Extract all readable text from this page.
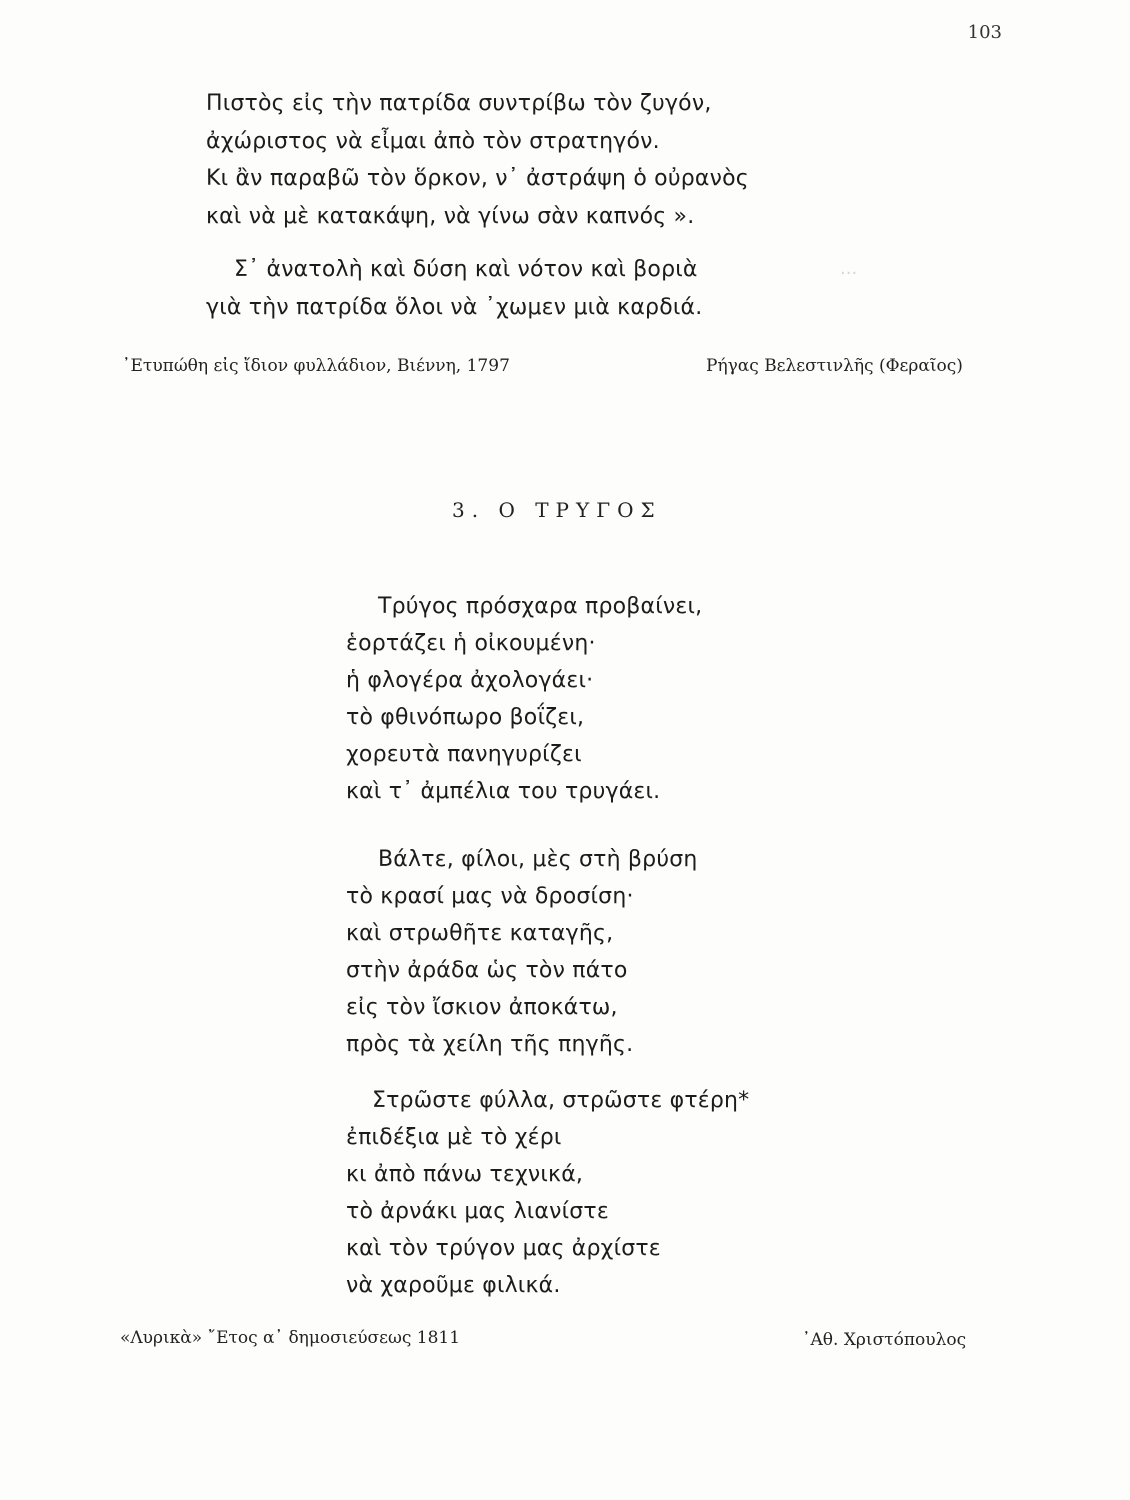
...
103
Πιστὸς εἰς τὴν πατρίδα συντρίβω τὸν ζυγόν,
ἀχώριστος νὰ εἶμαι ἀπὸ τὸν στρατηγόν.
Κι ἂν παραβῶ τὸν ὅρκον, ν᾽ ἀστράψη ὁ οὐρανὸς
καὶ νὰ μὲ κατακάψη, νὰ γίνω σὰν καπνός ».
Σ᾽ ἀνατολὴ καὶ δύση καὶ νότον καὶ βοριὰ
γιὰ τὴν πατρίδα ὅλοι νὰ ᾽χωμεν μιὰ καρδιά.
᾽Ετυπώθη εἰς ἴδιον φυλλάδιον, Βιέννη, 1797	Ρήγας Βελεστινλῆς (Φεραῖος)
3. Ο ΤΡΥΓΟΣ
Τρύγος πρόσχαρα προβαίνει,
ἑορτάζει ἡ οἰκουμένη·
ἡ φλογέρα ἀχολογάει·
τὸ φθινόπωρο βοΐζει,
χορευτὰ πανηγυρίζει
καὶ τ᾽ ἀμπέλια του τρυγάει.
Βάλτε, φίλοι, μὲς στὴ βρύση
τὸ κρασί μας νὰ δροσίση·
καὶ στρωθῆτε καταγῆς,
στὴν ἀράδα ὡς τὸν πάτο
εἰς τὸν ἴσκιον ἀποκάτω,
πρὸς τὰ χείλη τῆς πηγῆς.
Στρῶστε φύλλα, στρῶστε φτέρη*
ἐπιδέξια μὲ τὸ χέρι
κι ἀπὸ πάνω τεχνικά,
τὸ ἀρνάκι μας λιανίστε
καὶ τὸν τρύγον μας ἀρχίστε
νὰ χαροῦμε φιλικά.
«Λυρικὰ» ῎Ετος α᾽ δημοσιεύσεως 1811	᾽Αθ. Χριστόπουλος
